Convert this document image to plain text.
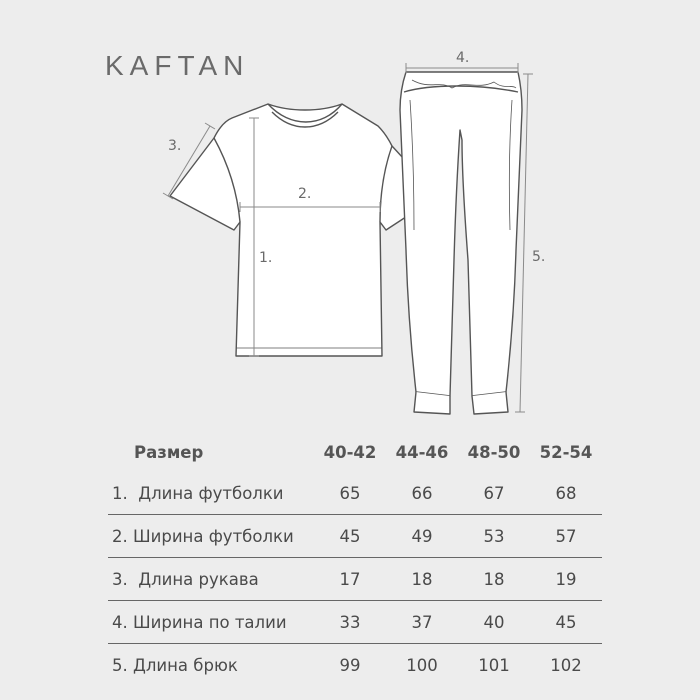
KAFTAN
1.
2.
3.
4.
5.
Размер	40-42	44-46	48-50	52-54
1.  Длина футболки	65	66	67	68
2. Ширина футболки	45	49	53	57
3.  Длина рукава	17	18	18	19
4. Ширина по талии	33	37	40	45
5. Длина брюк	99	100	101	102
